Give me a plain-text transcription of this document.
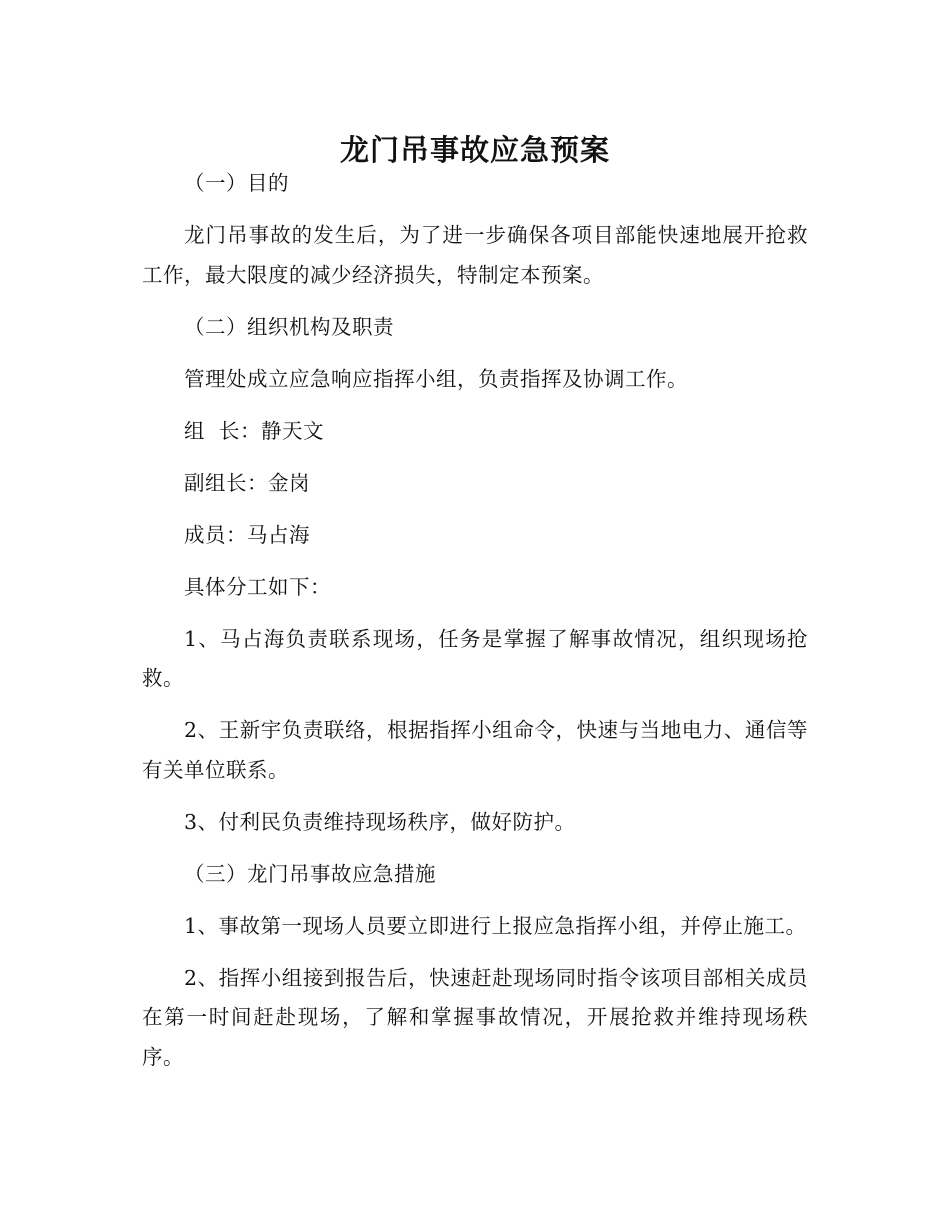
龙门吊事故应急预案

（一）目的

龙门吊事故的发生后，为了进一步确保各项目部能快速地展开抢救工作，最大限度的减少经济损失，特制定本预案。

（二）组织机构及职责

管理处成立应急响应指挥小组，负责指挥及协调工作。

组  长：静天文

副组长：金岗

成员：马占海

具体分工如下：

1、马占海负责联系现场，任务是掌握了解事故情况，组织现场抢救。

2、王新宇负责联络，根据指挥小组命令，快速与当地电力、通信等有关单位联系。

3、付利民负责维持现场秩序，做好防护。

（三）龙门吊事故应急措施

1、事故第一现场人员要立即进行上报应急指挥小组，并停止施工。

2、指挥小组接到报告后，快速赶赴现场同时指令该项目部相关成员在第一时间赶赴现场，了解和掌握事故情况，开展抢救并维持现场秩序。
